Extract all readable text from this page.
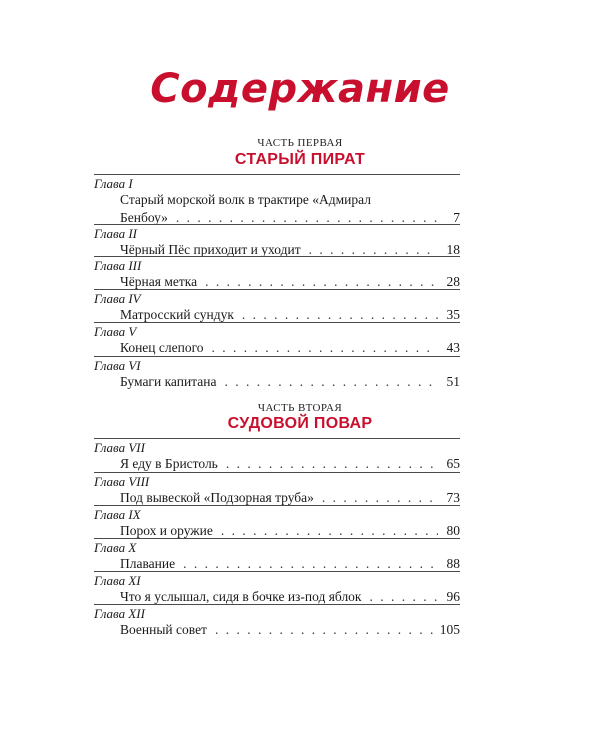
Содержание
ЧАСТЬ ПЕРВАЯ
СТАРЫЙ ПИРАТ
Глава I
Старый морской волк в трактире «Адмирал
Бенбоу» . . .	7
Глава II
Чёрный Пёс приходит и уходит . . .	18
Глава III
Чёрная метка . . .	28
Глава IV
Матросский сундук . . .	35
Глава V
Конец слепого . . .	43
Глава VI
Бумаги капитана . . .	51
ЧАСТЬ ВТОРАЯ
СУДОВОЙ ПОВАР
Глава VII
Я еду в Бристоль . . .	65
Глава VIII
Под вывеской «Подзорная труба» . . .	73
Глава IX
Порох и оружие . . .	80
Глава X
Плавание . . .	88
Глава XI
Что я услышал, сидя в бочке из-под яблок . . .	96
Глава XII
Военный совет . . .	105
